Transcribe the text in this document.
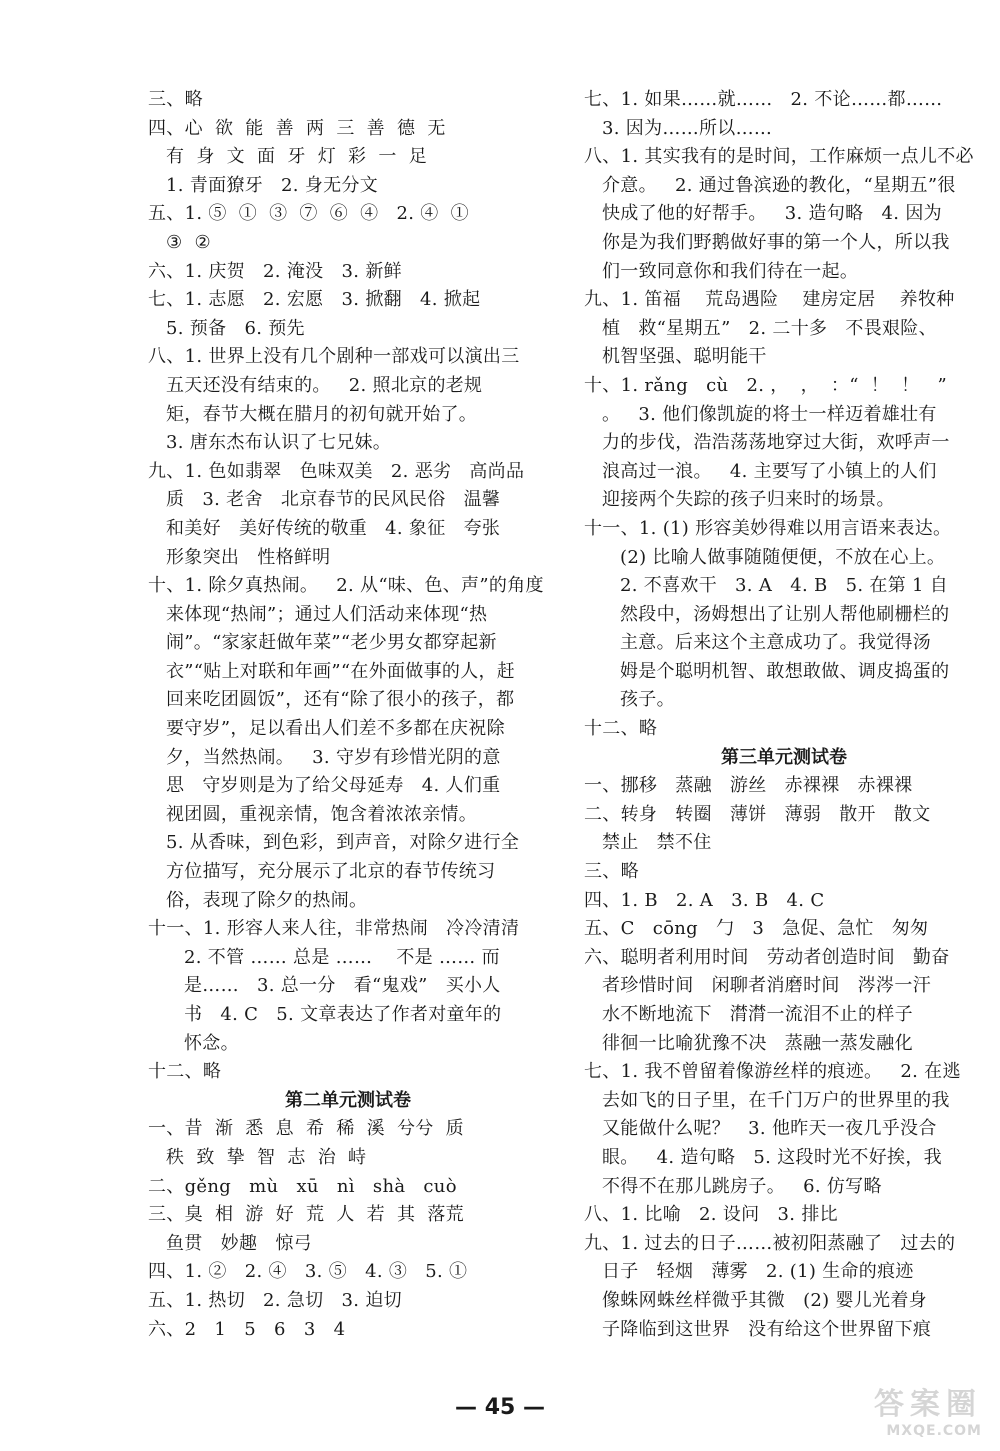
三、略
四、心  欲  能  善  两  三  善  德  无
有  身  文  面  牙  灯  彩  一  足
1. 青面獠牙   2. 身无分文
五、1. ⑤  ①  ③  ⑦  ⑥  ④   2. ④  ①
③  ②
六、1. 庆贺   2. 淹没   3. 新鲜
七、1. 志愿   2. 宏愿   3. 掀翻   4. 掀起
5. 预备   6. 预先
八、1. 世界上没有几个剧种一部戏可以演出三
五天还没有结束的。   2. 照北京的老规
矩，春节大概在腊月的初旬就开始了。
3. 唐东杰布认识了七兄妹。
九、1. 色如翡翠   色味双美   2. 恶劣   高尚品
质   3. 老舍   北京春节的民风民俗   温馨
和美好   美好传统的敬重   4. 象征   夸张
形象突出   性格鲜明
十、1. 除夕真热闹。   2. 从“味、色、声”的角度
来体现“热闹”；通过人们活动来体现“热
闹”。“家家赶做年菜”“老少男女都穿起新
衣”“贴上对联和年画”“在外面做事的人，赶
回来吃团圆饭”，还有“除了很小的孩子，都
要守岁”，足以看出人们差不多都在庆祝除
夕，当然热闹。   3. 守岁有珍惜光阴的意
思   守岁则是为了给父母延寿   4. 人们重
视团圆，重视亲情，饱含着浓浓亲情。
5. 从香味，到色彩，到声音，对除夕进行全
方位描写，充分展示了北京的春节传统习
俗，表现了除夕的热闹。
十一、1. 形容人来人往，非常热闹   冷冷清清
2. 不管 …… 总是 ……    不是 …… 而
是……   3. 总一分   看“鬼戏”   买小人
书   4. C   5. 文章表达了作者对童年的
怀念。
十二、略
第二单元测试卷
一、昔  渐  悉  息  希  稀  溪  兮兮  质
秩  致  挚  智  志  治  峙
二、gěng   mù   xū   nì   shà   cuò
三、臭  相  游  好  荒  人  若  其  落荒
鱼贯   妙趣   惊弓
四、1. ②   2. ④   3. ⑤   4. ③   5. ①
五、1. 热切   2. 急切   3. 迫切
六、2   1   5   6   3   4
七、1. 如果……就……   2. 不论……都……
3. 因为……所以……
八、1. 其实我有的是时间，工作麻烦一点儿不必
介意。   2. 通过鲁滨逊的教化，“星期五”很
快成了他的好帮手。   3. 造句略   4. 因为
你是为我们野鹅做好事的第一个人，所以我
们一致同意你和我们待在一起。
九、1. 笛福    荒岛遇险    建房定居    养牧种
植   救“星期五”   2. 二十多   不畏艰险、
机智坚强、聪明能干
十、1. rǎng   cù   2. ，  ，  ：“  ！  ！   ”
。   3. 他们像凯旋的将士一样迈着雄壮有
力的步伐，浩浩荡荡地穿过大街，欢呼声一
浪高过一浪。   4. 主要写了小镇上的人们
迎接两个失踪的孩子归来时的场景。
十一、1. (1) 形容美妙得难以用言语来表达。
(2) 比喻人做事随随便便，不放在心上。
2. 不喜欢干   3. A   4. B   5. 在第 1 自
然段中，汤姆想出了让别人帮他刷栅栏的
主意。后来这个主意成功了。我觉得汤
姆是个聪明机智、敢想敢做、调皮捣蛋的
孩子。
十二、略
第三单元测试卷
一、挪移   蒸融   游丝   赤裸裸   赤裸裸
二、转身   转圈   薄饼   薄弱   散开   散文
禁止   禁不住
三、略
四、1. B   2. A   3. B   4. C
五、C   cōng   勹   3   急促、急忙   匆匆
六、聪明者利用时间   劳动者创造时间   勤奋
者珍惜时间   闲聊者消磨时间   涔涔一汗
水不断地流下   潸潸一流泪不止的样子
徘徊一比喻犹豫不决   蒸融一蒸发融化
七、1. 我不曾留着像游丝样的痕迹。   2. 在逃
去如飞的日子里，在千门万户的世界里的我
又能做什么呢？   3. 他昨天一夜几乎没合
眼。   4. 造句略   5. 这段时光不好挨，我
不得不在那儿跳房子。   6. 仿写略
八、1. 比喻   2. 设问   3. 排比
九、1. 过去的日子……被初阳蒸融了   过去的
日子   轻烟   薄雾   2. (1) 生命的痕迹
像蛛网蛛丝样微乎其微   (2) 婴儿光着身
子降临到这世界   没有给这个世界留下痕
— 45 —	答案圈
MXQE.COM
